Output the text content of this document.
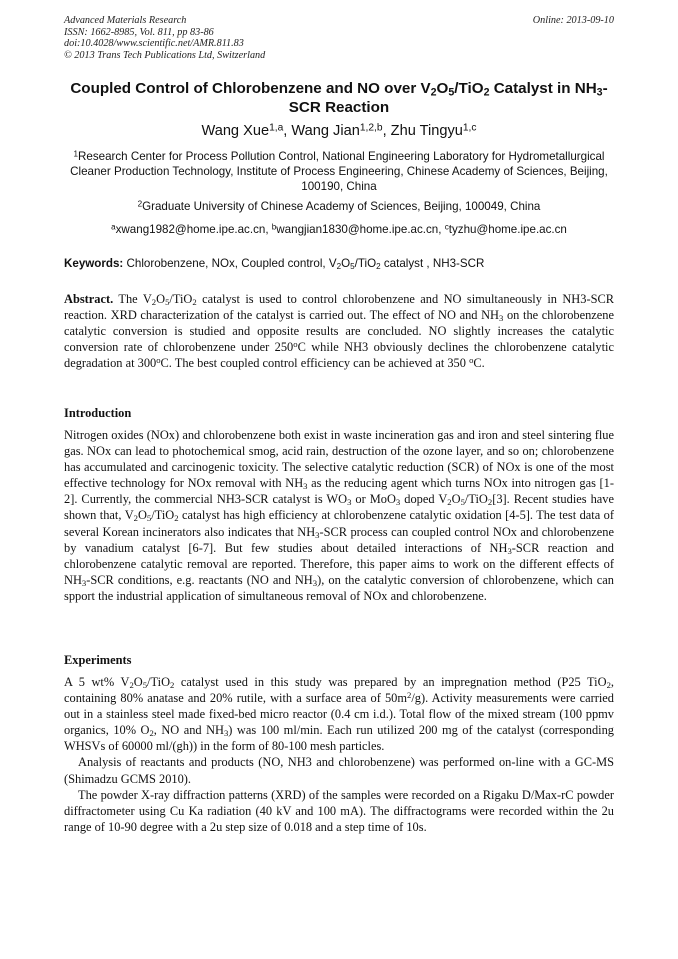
Advanced Materials Research
ISSN: 1662-8985, Vol. 811, pp 83-86
doi:10.4028/www.scientific.net/AMR.811.83
© 2013 Trans Tech Publications Ltd, Switzerland
Online: 2013-09-10
Coupled Control of Chlorobenzene and NO over $V_2O_5/TiO_2$ Catalyst in $NH_3$-SCR Reaction
Wang Xue$^{1,a}$, Wang Jian$^{1,2,b}$, Zhu Tingyu$^{1,c}$
$^1$Research Center for Process Pollution Control, National Engineering Laboratory for Hydrometallurgical Cleaner Production Technology, Institute of Process Engineering, Chinese Academy of Sciences, Beijing, 100190, China
$^2$Graduate University of Chinese Academy of Sciences, Beijing, 100049, China
$^a$xwang1982@home.ipe.ac.cn, $^b$wangjian1830@home.ipe.ac.cn, $^c$tyzhu@home.ipe.ac.cn
Keywords: Chlorobenzene, NOx, Coupled control, $V_2O_5/TiO_2$ catalyst , NH3-SCR
Abstract. The $V_2O_5/TiO_2$ catalyst is used to control chlorobenzene and NO simultaneously in NH3-SCR reaction. XRD characterization of the catalyst is carried out. The effect of NO and $NH_3$ on the chlorobenzene catalytic conversion is studied and opposite results are concluded. NO slightly increases the catalytic conversion rate of chlorobenzene under 250$^o$C while NH3 obviously declines the chlorobenzene catalytic degradation at 300$^o$C. The best coupled control efficiency can be achieved at 350 $^o$C.
Introduction
Nitrogen oxides (NOx) and chlorobenzene both exist in waste incineration gas and iron and steel sintering flue gas. NOx can lead to photochemical smog, acid rain, destruction of the ozone layer, and so on; chlorobenzene has accumulated and carcinogenic toxicity. The selective catalytic reduction (SCR) of NOx is one of the most effective technology for NOx removal with $NH_3$ as the reducing agent which turns NOx into nitrogen gas [1-2]. Currently, the commercial NH3-SCR catalyst is $WO_3$ or MoO$_3$ doped $V_2O_5/TiO_2[3]$. Recent studies have shown that, $V_2O_5/TiO_2$ catalyst has high efficiency at chlorobenzene catalytic oxidation [4-5]. The test data of several Korean incinerators also indicates that $NH_3$-SCR process can coupled control NOx and chlorobenzene by vanadium catalyst [6-7]. But few studies about detailed interactions of $NH_3$-SCR reaction and chlorobenzene catalytic removal are reported. Therefore, this paper aims to work on the different effects of $NH_3$-SCR conditions, e.g. reactants (NO and $NH_3$), on the catalytic conversion of chlorobenzene, which can spport the industrial application of simultaneous removal of NOx and chlorobenzene.
Experiments

A 5 wt% $V_2O_5/TiO_2$ catalyst used in this study was prepared by an impregnation method (P25 TiO$_2$, containing 80% anatase and 20% rutile, with a surface area of $50m^2/g$). Activity measurements were carried out in a stainless steel made fixed-bed micro reactor (0.4 cm i.d.). Total flow of the mixed stream (100 ppmv organics, 10% $O_2$, NO and $NH_3$) was 100 ml/min. Each run utilized 200 mg of the catalyst (corresponding WHSVs of 60000 ml/(gh)) in the form of 80-100 mesh particles.

Analysis of reactants and products (NO, NH3 and chlorobenzene) was performed on-line with a GC-MS (Shimadzu GCMS 2010).

The powder X-ray diffraction patterns (XRD) of the samples were recorded on a Rigaku D/Max-rC powder diffractometer using Cu Ka radiation (40 kV and 100 mA). The diffractograms were recorded within the 2u range of 10-90 degree with a 2u step size of 0.018 and a step time of 10s.
